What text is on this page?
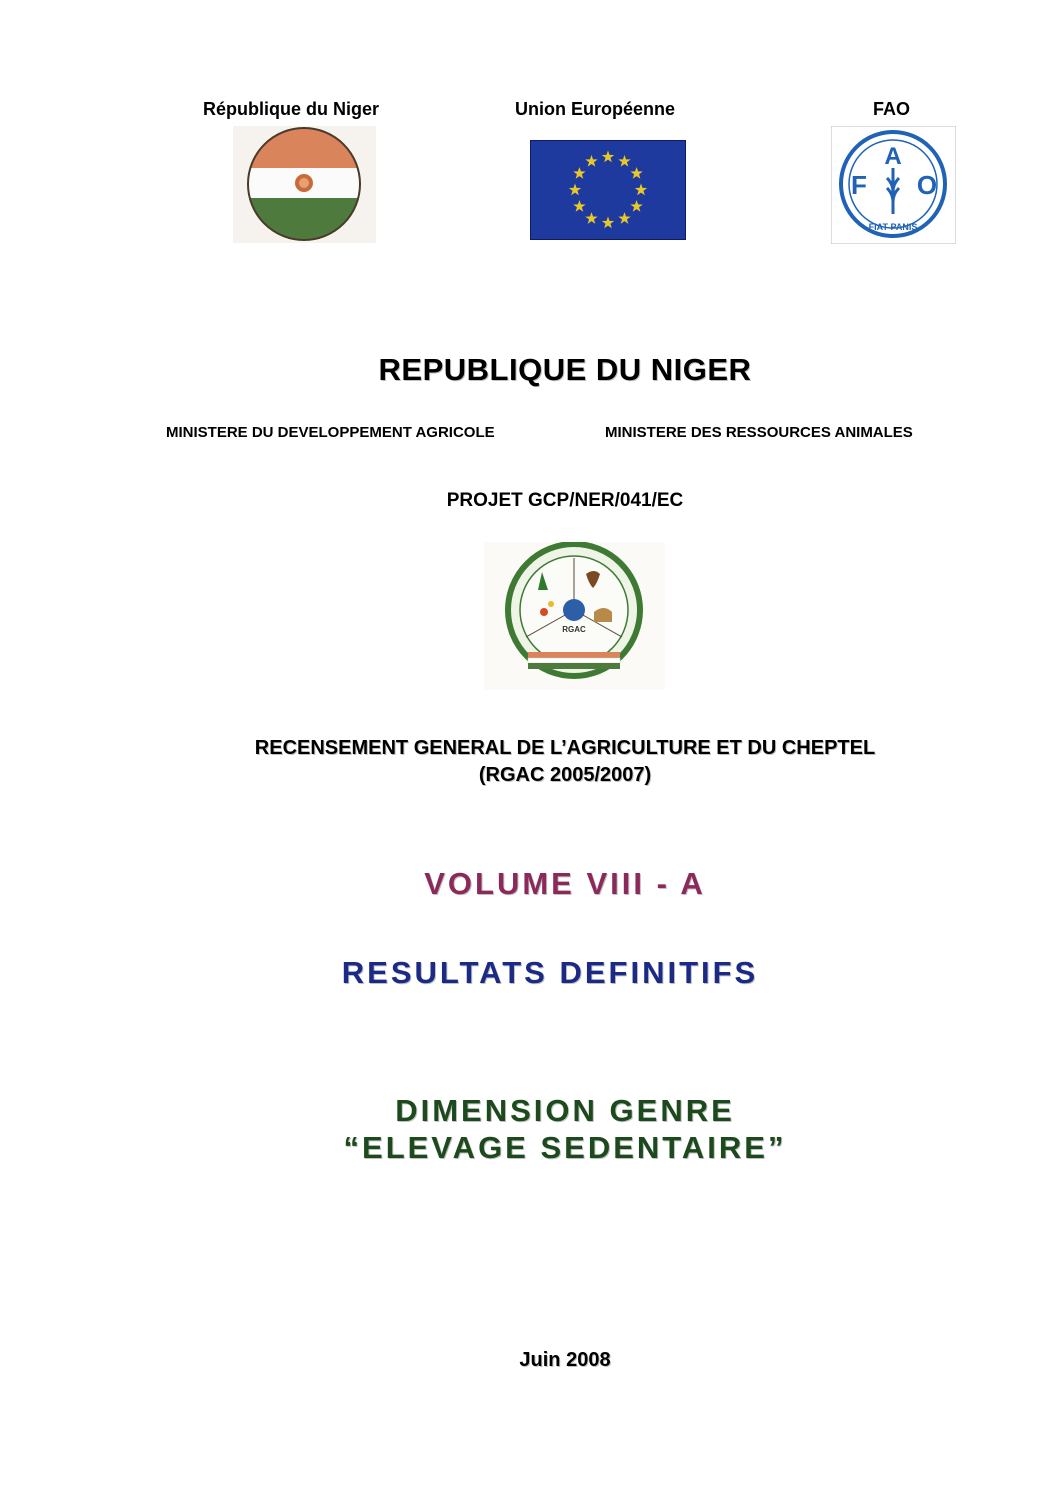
République du Niger	Union Européenne	FAO
A
F O
FIAT PANIS
REPUBLIQUE DU NIGER
MINISTERE DU DEVELOPPEMENT AGRICOLE	MINISTERE DES RESSOURCES ANIMALES
PROJET GCP/NER/041/EC
RGAC
RECENSEMENT GENERAL DE L’AGRICULTURE ET DU CHEPTEL
(RGAC 2005/2007)
VOLUME VIII - A
RESULTATS DEFINITIFS
DIMENSION GENRE
“ELEVAGE SEDENTAIRE”
Juin 2008
